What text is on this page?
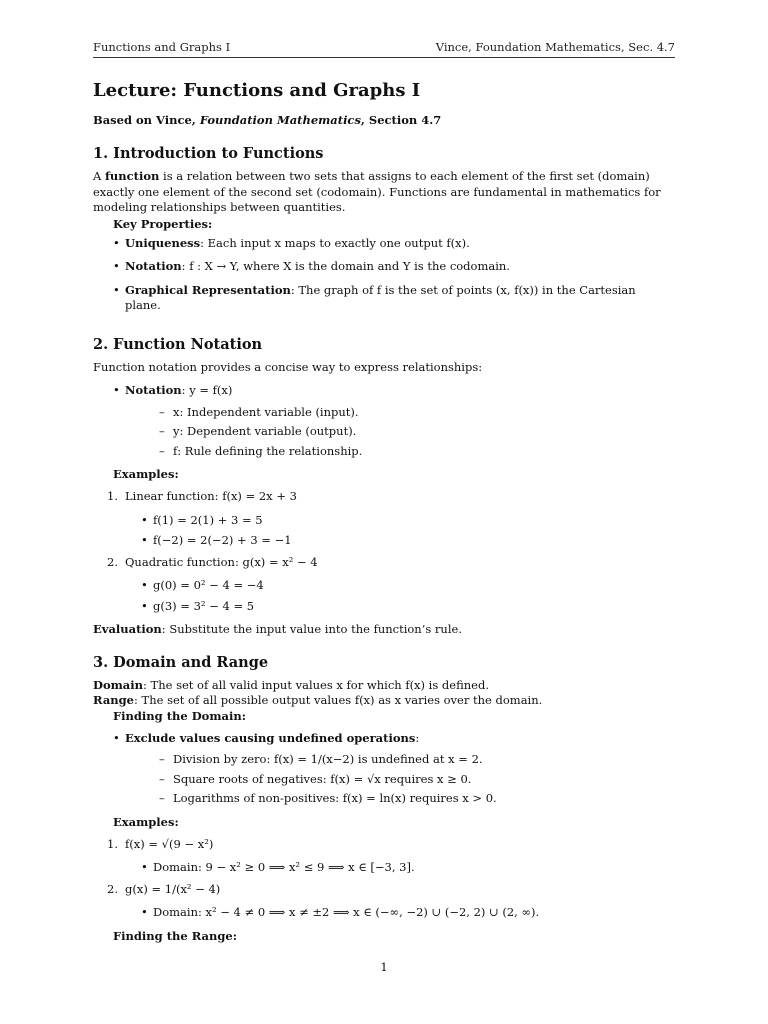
Functions and Graphs I	Vince, Foundation Mathematics, Sec. 4.7
Lecture: Functions and Graphs I
Based on Vince, Foundation Mathematics, Section 4.7
1. Introduction to Functions

A function is a relation between two sets that assigns to each element of the first set (domain) exactly one element of the second set (codomain). Functions are fundamental in mathematics for modeling relationships between quantities.

Key Properties:
• Uniqueness: Each input x maps to exactly one output f(x).
• Notation: f : X → Y, where X is the domain and Y is the codomain.
• Graphical Representation: The graph of f is the set of points (x, f(x)) in the Cartesian plane.
2. Function Notation

Function notation provides a concise way to express relationships:

• Notation: y = f(x)
– x: Independent variable (input).
– y: Dependent variable (output).
– f: Rule defining the relationship.
Examples:
1. Linear function: f(x) = 2x + 3
• f(1) = 2(1) + 3 = 5
• f(−2) = 2(−2) + 3 = −1
2. Quadratic function: g(x) = x² − 4
• g(0) = 0² − 4 = −4
• g(3) = 3² − 4 = 5

Evaluation: Substitute the input value into the function’s rule.

3. Domain and Range

Domain: The set of all valid input values x for which f(x) is defined.

Range: The set of all possible output values f(x) as x varies over the domain.

Finding the Domain:
• Exclude values causing undefined operations:
– Division by zero: f(x) = 1/(x−2) is undefined at x = 2.
– Square roots of negatives: f(x) = √x requires x ≥ 0.
– Logarithms of non-positives: f(x) = ln(x) requires x > 0.
Examples:
1. f(x) = √(9 − x²)
• Domain: 9 − x² ≥ 0 ⟹ x² ≤ 9 ⟹ x ∈ [−3, 3].
2. g(x) = 1/(x² − 4)
• Domain: x² − 4 ≠ 0 ⟹ x ≠ ±2 ⟹ x ∈ (−∞, −2) ∪ (−2, 2) ∪ (2, ∞).
Finding the Range:
1
